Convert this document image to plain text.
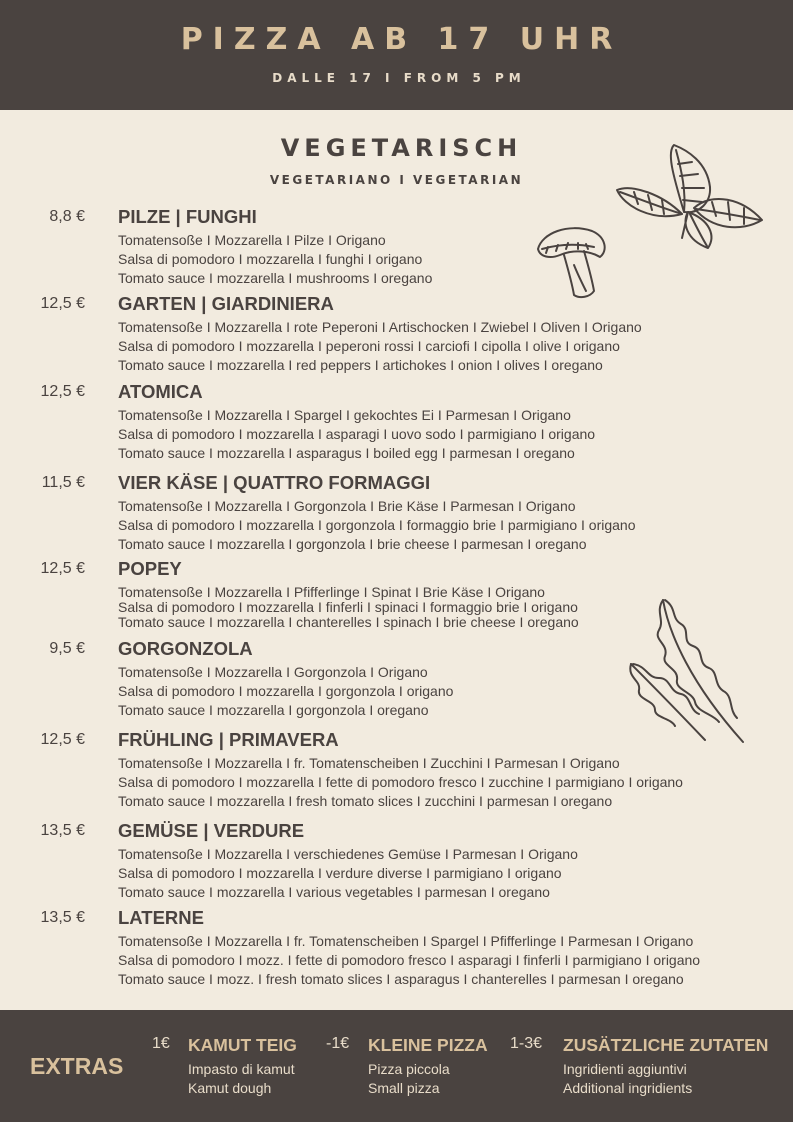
PIZZA AB 17 UHR
DALLE 17 I FROM 5 PM
VEGETARISCH
VEGETARIANO I VEGETARIAN
8,8 € PILZE | FUNGHI
Tomatensoße I Mozzarella I Pilze I Origano
Salsa di pomodoro I mozzarella I funghi I origano
Tomato sauce I mozzarella I mushrooms I oregano
12,5 € GARTEN | GIARDINIERA
Tomatensoße I Mozzarella I rote Peperoni I Artischocken I Zwiebel I Oliven I Origano
Salsa di pomodoro I mozzarella I peperoni rossi I carciofi I cipolla I olive I origano
Tomato sauce I mozzarella I red peppers I artichokes I onion I olives I oregano
12,5 € ATOMICA
Tomatensoße I Mozzarella I Spargel I gekochtes Ei I Parmesan I Origano
Salsa di pomodoro I mozzarella I asparagi I uovo sodo I parmigiano I origano
Tomato sauce I mozzarella I asparagus I boiled egg I parmesan I oregano
11,5 € VIER KÄSE | QUATTRO FORMAGGI
Tomatensoße I Mozzarella I Gorgonzola I Brie Käse I Parmesan I Origano
Salsa di pomodoro I mozzarella I gorgonzola I formaggio brie I parmigiano I origano
Tomato sauce I mozzarella I gorgonzola I brie cheese I parmesan I oregano
12,5 € POPEY
Tomatensoße I Mozzarella I Pfifferlinge I Spinat I Brie Käse I Origano
Salsa di pomodoro I mozzarella I finferli I spinaci I formaggio brie I origano
Tomato sauce I mozzarella I chanterelles I spinach I brie cheese I oregano
9,5 € GORGONZOLA
Tomatensoße I Mozzarella I Gorgonzola I Origano
Salsa di pomodoro I mozzarella I gorgonzola I origano
Tomato sauce I mozzarella I gorgonzola I oregano
12,5 € FRÜHLING | PRIMAVERA
Tomatensoße I Mozzarella I fr. Tomatenscheiben I Zucchini I Parmesan I Origano
Salsa di pomodoro I mozzarella I fette di pomodoro fresco I zucchine I parmigiano I origano
Tomato sauce I mozzarella I fresh tomato slices I zucchini I parmesan I oregano
13,5 € GEMÜSE | VERDURE
Tomatensoße I Mozzarella I verschiedenes Gemüse I Parmesan I Origano
Salsa di pomodoro I mozzarella I verdure diverse I parmigiano I origano
Tomato sauce I mozzarella I various vegetables I parmesan I oregano
13,5 € LATERNE
Tomatensoße I Mozzarella I fr. Tomatenscheiben I Spargel I Pfifferlinge I Parmesan I Origano
Salsa di pomodoro I mozz. I fette di pomodoro fresco I asparagi I finferli I parmigiano I origano
Tomato sauce I mozz. I fresh tomato slices I asparagus I chanterelles I parmesan I oregano
EXTRAS
1€ KAMUT TEIG
Impasto di kamut
Kamut dough
-1€ KLEINE PIZZA
Pizza piccola
Small pizza
1-3€ ZUSÄTZLICHE ZUTATEN
Ingridienti aggiuntivi
Additional ingridients
